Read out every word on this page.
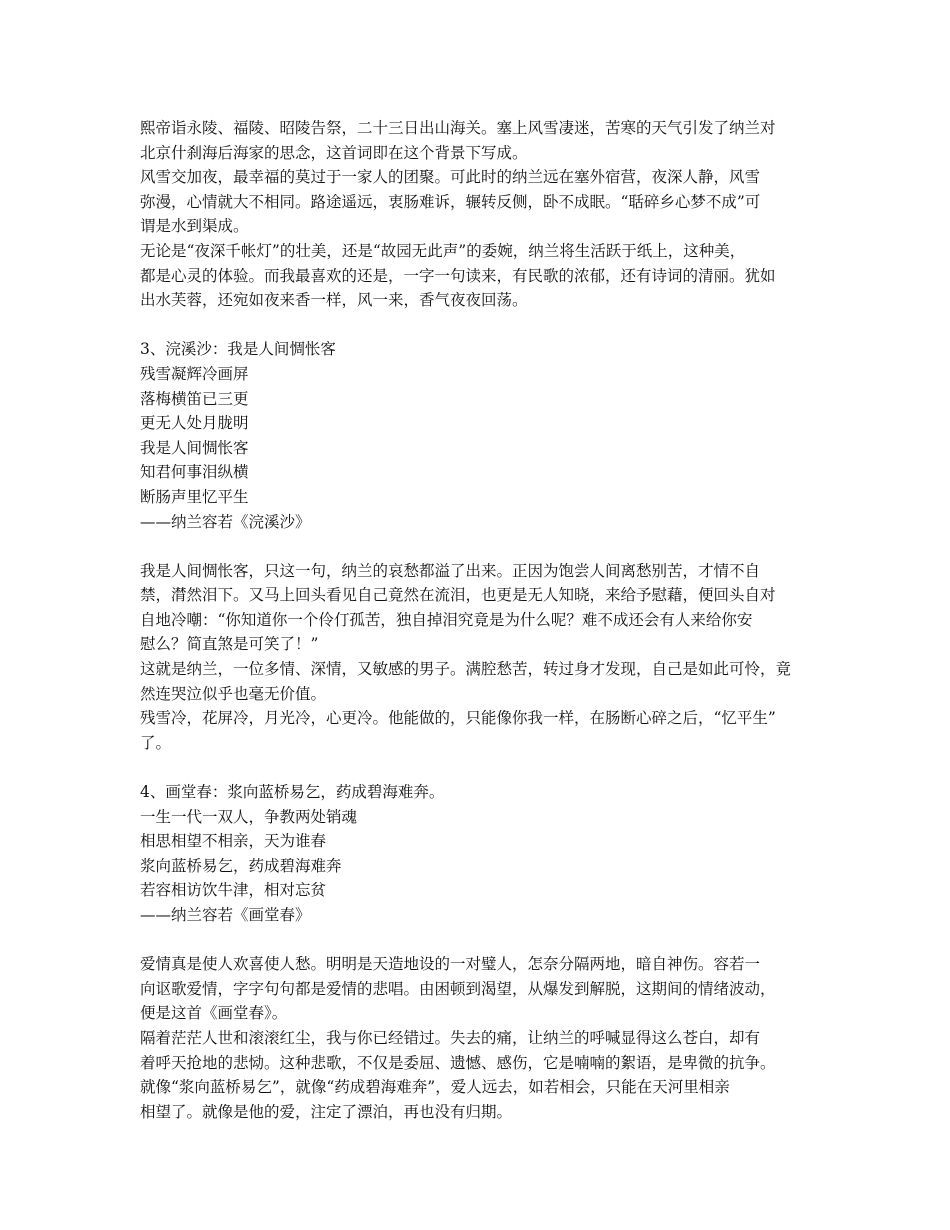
熙帝诣永陵、福陵、昭陵告祭，二十三日出山海关。塞上风雪凄迷，苦寒的天气引发了纳兰对
北京什刹海后海家的思念，这首词即在这个背景下写成。
风雪交加夜，最幸福的莫过于一家人的团聚。可此时的纳兰远在塞外宿营，夜深人静，风雪
弥漫，心情就大不相同。路途遥远，衷肠难诉，辗转反侧，卧不成眠。“聒碎乡心梦不成”可
谓是水到渠成。
无论是“夜深千帐灯”的壮美，还是“故园无此声”的委婉，纳兰将生活跃于纸上，这种美，
都是心灵的体验。而我最喜欢的还是，一字一句读来，有民歌的浓郁，还有诗词的清丽。犹如
出水芙蓉，还宛如夜来香一样，风一来，香气夜夜回荡。
3、浣溪沙：我是人间惆怅客
残雪凝辉冷画屏
落梅横笛已三更
更无人处月胧明
我是人间惆怅客
知君何事泪纵横
断肠声里忆平生
——纳兰容若《浣溪沙》
我是人间惆怅客，只这一句，纳兰的哀愁都溢了出来。正因为饱尝人间离愁别苦，才情不自
禁，潸然泪下。又马上回头看见自己竟然在流泪，也更是无人知晓，来给予慰藉，便回头自对
自地冷嘲：“你知道你一个伶仃孤苦，独自掉泪究竟是为什么呢？难不成还会有人来给你安
慰么？简直煞是可笑了！”
这就是纳兰，一位多情、深情，又敏感的男子。满腔愁苦，转过身才发现，自己是如此可怜，竟
然连哭泣似乎也毫无价值。
残雪冷，花屏冷，月光冷，心更冷。他能做的，只能像你我一样，在肠断心碎之后，“忆平生”
了。
4、画堂春：浆向蓝桥易乞，药成碧海难奔。
一生一代一双人，争教两处销魂
相思相望不相亲，天为谁春
浆向蓝桥易乞，药成碧海难奔
若容相访饮牛津，相对忘贫
——纳兰容若《画堂春》
爱情真是使人欢喜使人愁。明明是天造地设的一对璧人，怎奈分隔两地，暗自神伤。容若一
向讴歌爱情，字字句句都是爱情的悲唱。由困顿到渴望，从爆发到解脱，这期间的情绪波动，
便是这首《画堂春》。
隔着茫茫人世和滚滚红尘，我与你已经错过。失去的痛，让纳兰的呼喊显得这么苍白，却有
着呼天抢地的悲恸。这种悲歌，不仅是委屈、遗憾、感伤，它是喃喃的絮语，是卑微的抗争。
就像“浆向蓝桥易乞”，就像“药成碧海难奔”，爱人远去，如若相会，只能在天河里相亲
相望了。就像是他的爱，注定了漂泊，再也没有归期。
